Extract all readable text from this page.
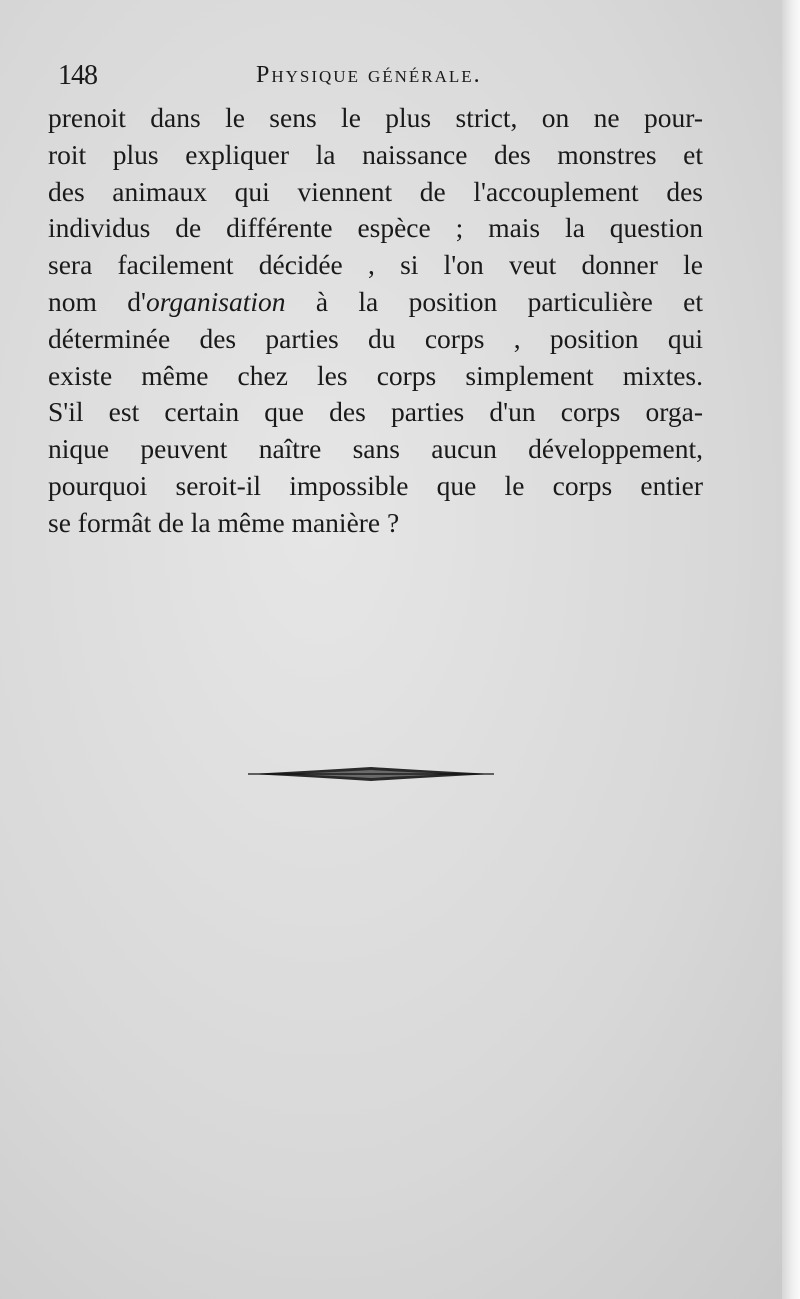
148	Physique générale.
prenoit dans le sens le plus strict, on ne pour-
roit plus expliquer la naissance des monstres et
des animaux qui viennent de l'accouplement des
individus de différente espèce ; mais la question
sera facilement décidée , si l'on veut donner le
nom d'organisation à la position particulière et
déterminée des parties du corps , position qui
existe même chez les corps simplement mixtes.
S'il est certain que des parties d'un corps orga-
nique peuvent naître sans aucun développement,
pourquoi seroit-il impossible que le corps entier
se formât de la même manière ?
